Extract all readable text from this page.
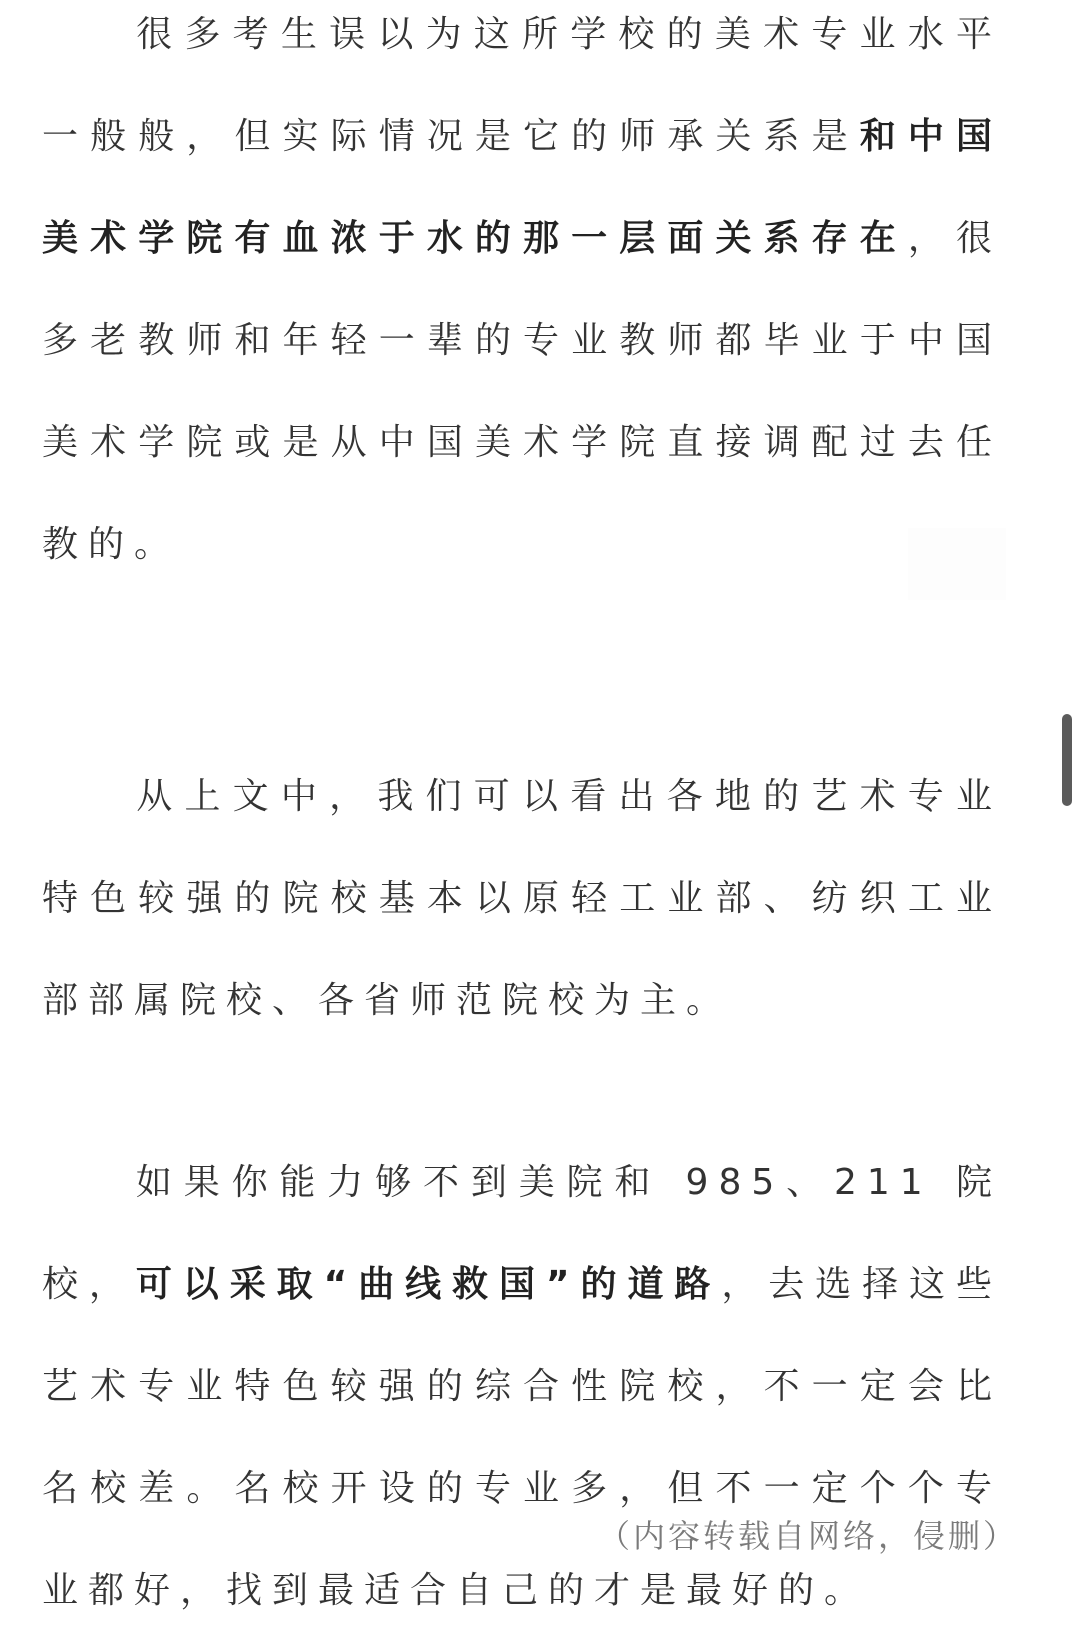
很多考生误以为这所学校的美术专业水平一般般，但实际情况是它的师承关系是和中国美术学院有血浓于水的那一层面关系存在，很多老教师和年轻一辈的专业教师都毕业于中国美术学院或是从中国美术学院直接调配过去任教的。

从上文中，我们可以看出各地的艺术专业特色较强的院校基本以原轻工业部、纺织工业部部属院校、各省师范院校为主。

如果你能力够不到美院和 985、211 院校，可以采取“曲线救国”的道路，去选择这些艺术专业特色较强的综合性院校，不一定会比名校差。名校开设的专业多，但不一定个个专业都好，找到最适合自己的才是最好的。

（内容转载自网络，侵删）
